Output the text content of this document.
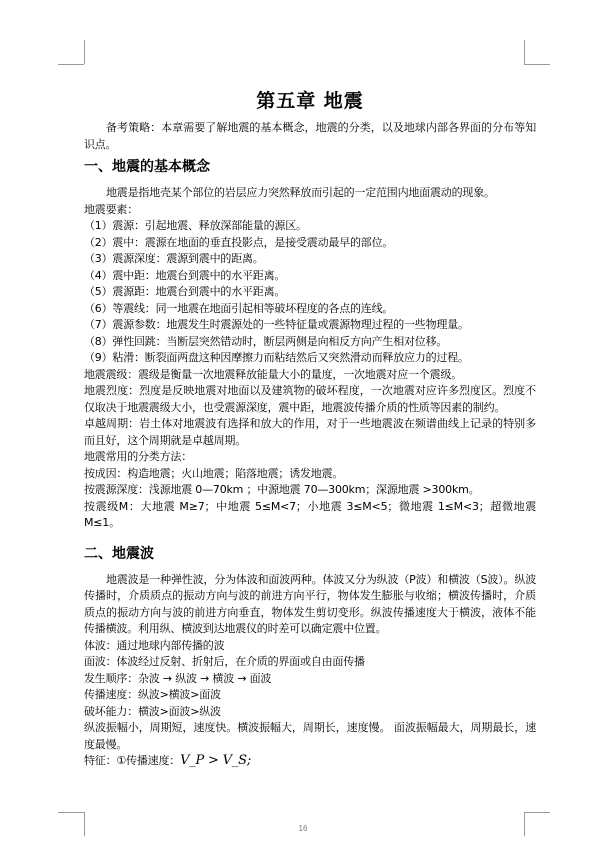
第五章 地震

备考策略：本章需要了解地震的基本概念，地震的分类，以及地球内部各界面的分布等知识点。

一、地震的基本概念

地震是指地壳某个部位的岩层应力突然释放而引起的一定范围内地面震动的现象。

地震要素：

（1）震源：引起地震、释放深部能量的源区。

（2）震中：震源在地面的垂直投影点，是接受震动最早的部位。

（3）震源深度：震源到震中的距离。

（4）震中距：地震台到震中的水平距离。

（5）震源距：地震台到震中的水平距离。

（6）等震线：同一地震在地面引起相等破坏程度的各点的连线。

（7）震源参数：地震发生时震源处的一些特征量或震源物理过程的一些物理量。

（8）弹性回跳：当断层突然错动时，断层两侧是向相反方向产生相对位移。

（9）粘滑：断裂面两盘这种因摩擦力而粘结然后又突然滑动而释放应力的过程。

地震震级：震级是衡量一次地震释放能量大小的量度，一次地震对应一个震级。

地震烈度：烈度是反映地震对地面以及建筑物的破坏程度，一次地震对应许多烈度区。烈度不仅取决于地震震级大小，也受震源深度，震中距，地震波传播介质的性质等因素的制约。

卓越周期：岩土体对地震波有选择和放大的作用，对于一些地震波在频谱曲线上记录的特别多而且好，这个周期就是卓越周期。

地震常用的分类方法：

按成因：构造地震；火山地震；陷落地震；诱发地震。

按震源深度：浅源地震 0—70km ；中源地震 70—300km；深源地震 >300km。

按震级M：大地震 M≥7；中地震 5≤M<7；小地震 3≤M<5；微地震 1≤M<3；超微地震 M≤1。

二、地震波

地震波是一种弹性波，分为体波和面波两种。体波又分为纵波（P波）和横波（S波）。纵波传播时，介质质点的振动方向与波的前进方向平行，物体发生膨胀与收缩；横波传播时，介质质点的振动方向与波的前进方向垂直，物体发生剪切变形。纵波传播速度大于横波，液体不能传播横波。利用纵、横波到达地震仪的时差可以确定震中位置。

体波：通过地球内部传播的波

面波：体波经过反射、折射后，在介质的界面或自由面传播

发生顺序：杂波 → 纵波 → 横波 → 面波

传播速度：纵波>横波>面波

破坏能力：横波>面波>纵波

纵波振幅小，周期短，速度快。横波振幅大，周期长，速度慢。 面波振幅最大，周期最长，速度最慢。

特征：①传播速度：V_P > V_S;

16
